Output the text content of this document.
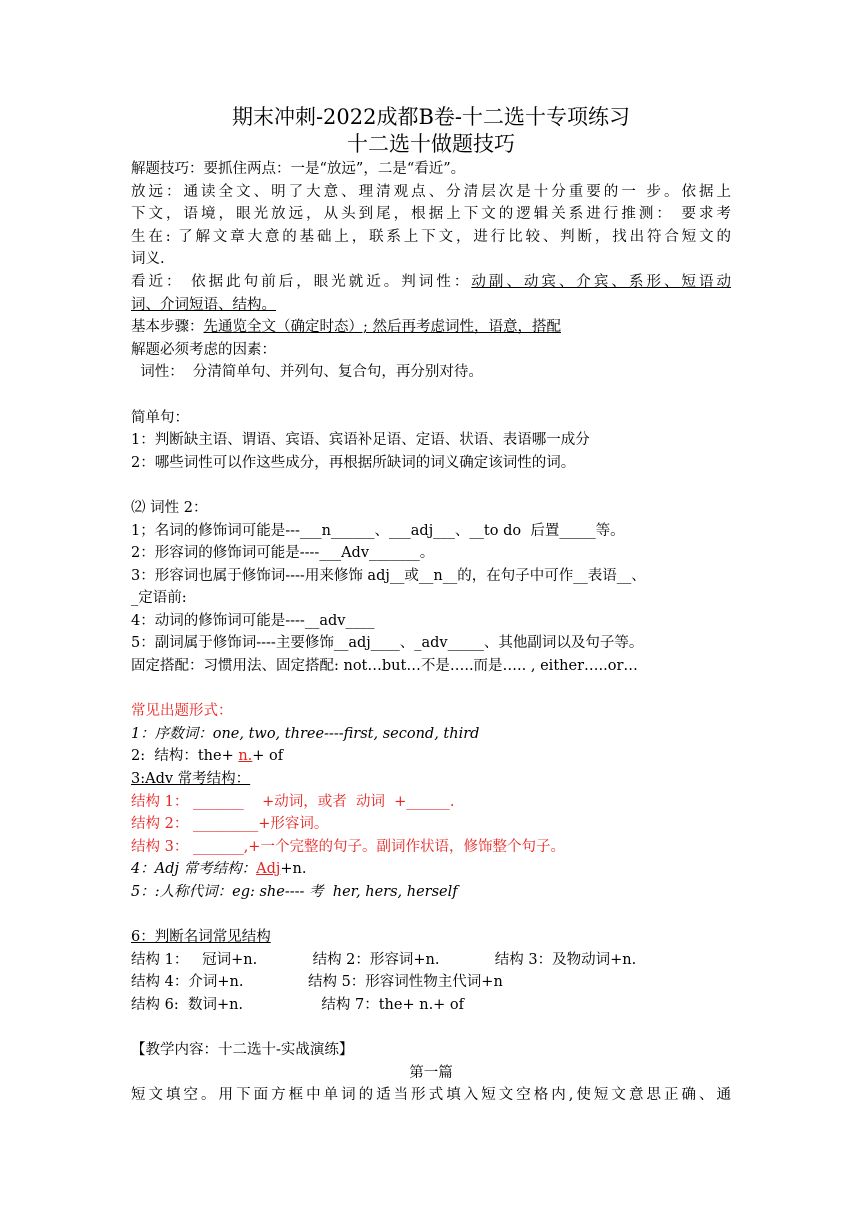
期末冲刺-2022成都B卷-十二选十专项练习

十二选十做题技巧

解题技巧：要抓住两点：一是“放远”，二是“看近”。

放远：通读全文、明了大意、理清观点、分清层次是十分重要的一 步。依据上

下文，语境，眼光放远，从头到尾，根据上下文的逻辑关系进行推测： 要求考

生在: 了解文章大意的基础上，联系上下文，进行比较、判断，找出符合短文的

词义.

看近： 依据此句前后，眼光就近。判词性：动副、动宾、介宾、系形、短语动

词、介词短语、结构。

基本步骤：先通览全文（确定时态）; 然后再考虑词性，语意，搭配

解题必须考虑的因素：

词性：  分清简单句、并列句、复合句，再分别对待。

简单句：

1：判断缺主语、谓语、宾语、宾语补足语、定语、状语、表语哪一成分

2：哪些词性可以作这些成分，再根据所缺词的词义确定该词性的词。

⑵ 词性 2：

1；名词的修饰词可能是---___n______、___adj___、__to do  后置_____等。

2：形容词的修饰词可能是----___Adv_______。

3：形容词也属于修饰词----用来修饰 adj__或__n__的，在句子中可作__表语__、

_定语前:

4：动词的修饰词可能是----__adv____

5：副词属于修饰词----主要修饰__adj____、_adv_____、其他副词以及句子等。

固定搭配：习惯用法、固定搭配: not…but…不是…..而是….. , either…..or…

常见出题形式：

1：序数词：one, two, three----first, second, third

2:  结构：the+ n.+ of

3:Adv 常考结构：

结构 1： _______    +动词，或者  动词  +______.

结构 2： _________+形容词。

结构 3： _______,+一个完整的句子。副词作状语，修饰整个句子。

4：Adj 常考结构：Adj+n.

5：:人称代词：eg: she---- 考  her, hers, herself

6：判断名词常见结构

结构 1：   冠词+n.            结构 2：形容词+n.            结构 3：及物动词+n.

结构 4：介词+n.              结构 5：形容词性物主代词+n

结构 6:  数词+n.                 结构 7：the+ n.+ of

【教学内容：十二选十-实战演练】

第一篇

短文填空。用下面方框中单词的适当形式填入短文空格内,使短文意思正确、通
